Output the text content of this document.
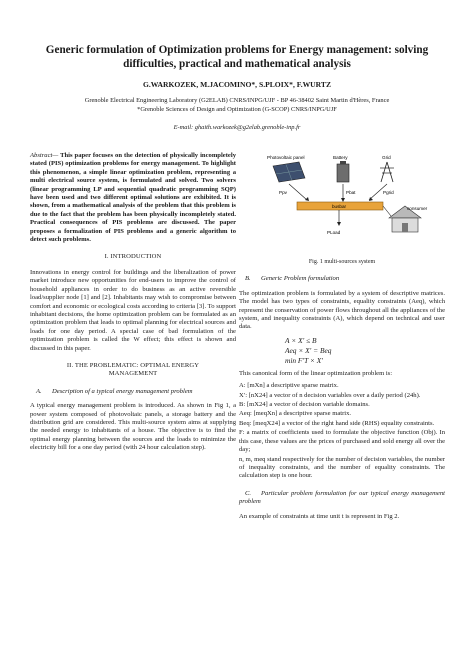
Generic formulation of Optimization problems for Energy management: solving
difficulties, practical and mathematical analysis
G.WARKOZEK, M.JACOMINO*, S.PLOIX*, F.WURTZ
Grenoble Electrical Engineering Laboratory (G2ELAB) CNRS/INPG/UJF - BP 46-38402 Saint Martin d'Hères, France
*Grenoble Sciences of Design and Optimization (G-SCOP) CNRS/INPG/UJF
E-mail: ghaith.warkozek@g2elab.grenoble-inp.fr

Abstract— This paper focuses on the detection of physically incompletely stated (PIS) optimization problems for energy management. To highlight this phenomenon, a simple linear optimization problem, representing a multi electrical source system, is formulated and solved. Two solvers (linear programming LP and sequential quadratic programming SQP) have been used and two different optimal solutions are exhibited. It is shown, from a mathematical analysis of the problem that this problem is due to the fact that the problem has been physically incompletely stated. Practical consequences of PIS problems are discussed. The paper proposes a formalization of PIS problems and a generic algorithm to detect such problems.

I. INTRODUCTION

Innovations in energy control for buildings and the liberalization of power market introduce new opportunities for end-users to improve the control of household appliances in order to do business as an active reversible load/supplier node [1] and [2]. Inhabitants may wish to compromise between comfort and economic or ecological costs according to criteria [3]. To support inhabitant decisions, the home optimization problem can be formulated as an optimization problem that leads to optimal planning for electrical sources and loads for one day period. A special case of bad formulation of the optimization problem is called the W effect; this effect is shown and discussed in this paper.

II. THE PROBLEMATIC: OPTIMAL ENERGY
MANAGEMENT
A. Description of a typical energy management problem

A typical energy management problem is introduced. As shown in Fig 1, a power system composed of photovoltaic panels, a storage battery and the distribution grid are considered. This multi-source system aims at supplying the needed energy to inhabitants of a house. The objective is to find the optimal energy planning between the sources and the loads to minimize the electricity bill for a one day period (with 24 hour calculation step).

Photovoltaic panel	Battery	Grid
Ppv	Pbat	Pgrid
busbar
PLoad
consumer
Fig. 1 multi-sources system
B. Generic Problem formulation

The optimization problem is formulated by a system of descriptive matrices. The model has two types of constraints, equality constraints (Aeq), which represent the conservation of power flows throughout all the appliances of the system, and inequality constraints (A), which depend on technical and user data.

A × X′ ≤ B
Aeq × X′ = Beq
min F′T × X′

This canonical form of the linear optimization problem is:

A: [mXn] a descriptive sparse matrix.
X′: [nX24] a vector of n decision variables over a daily period (24h).
B: [mX24] a vector of decision variable domains.
Aeq: [meqXn] a descriptive sparse matrix.
Beq: [meqX24] a vector of the right hand side (RHS) equality constraints.
F: a matrix of coefficients used to formulate the objective function (Obj). In this case, these values are the prices of purchased and sold energy all over the day;
n, m, meq stand respectively for the number of decision variables, the number of inequality constraints, and the number of equality constraints. The calculation step is one hour.
C. Particular problem formulation for our typical energy management problem

An example of constraints at time unit t is represent in Fig 2.
